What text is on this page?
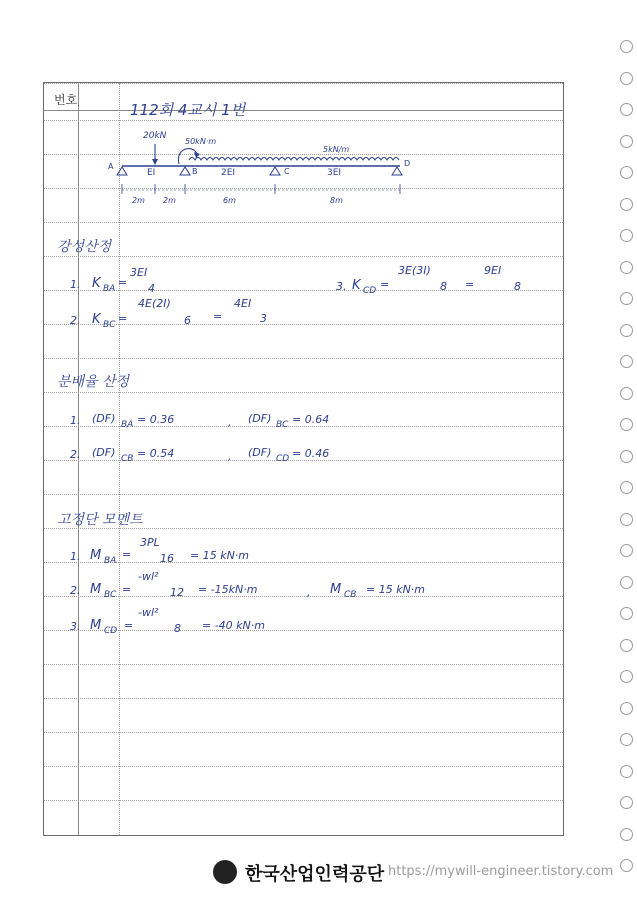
번호
112회 4교시 1번
20kN
50kN·m
5kN/m
A
B	C
D
EI	2EI	3EI
2m 2m	6m	8m
강성산정
1. K BA =
3EI
4	3. K CD =
3E(3I)
8 =
9EI
8
2. K BC =
4E(2I)
6 =
4EI
3
분배율 산정
1. (DF) BA = 0.36	, (DF) BC = 0.64
2. (DF) CB = 0.54	, (DF) CD = 0.46
고정단 모멘트
1. M BA =
3PL
16 = 15 kN·m
2. M BC =
-wl²
12 = -15kN·m	, M CB = 15 kN·m
3. M CD =
-wl²
8 = -40 kN·m
한국산업인력공단 https://mywill-engineer.tistory.com
